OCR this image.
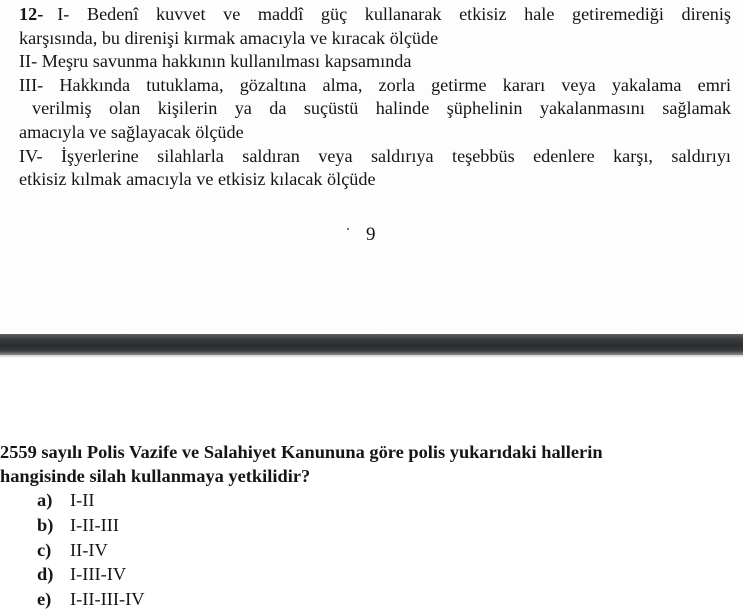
12- I- Bedenî kuvvet ve maddî güç kullanarak etkisiz hale getiremediği direniş
karşısında, bu direnişi kırmak amacıyla ve kıracak ölçüde
II- Meşru savunma hakkının kullanılması kapsamında
III- Hakkında tutuklama, gözaltına alma, zorla getirme kararı veya yakalama emri
verilmiş olan kişilerin ya da suçüstü halinde şüphelinin yakalanmasını sağlamak
amacıyla ve sağlayacak ölçüde
IV- İşyerlerine silahlarla saldıran veya saldırıya teşebbüs edenlere karşı, saldırıyı
etkisiz kılmak amacıyla ve etkisiz kılacak ölçüde
9
2559 sayılı Polis Vazife ve Salahiyet Kanununa göre polis yukarıdaki hallerin
hangisinde silah kullanmaya yetkilidir?
a) I-II
b) I-II-III
c) II-IV
d) I-III-IV
e) I-II-III-IV
